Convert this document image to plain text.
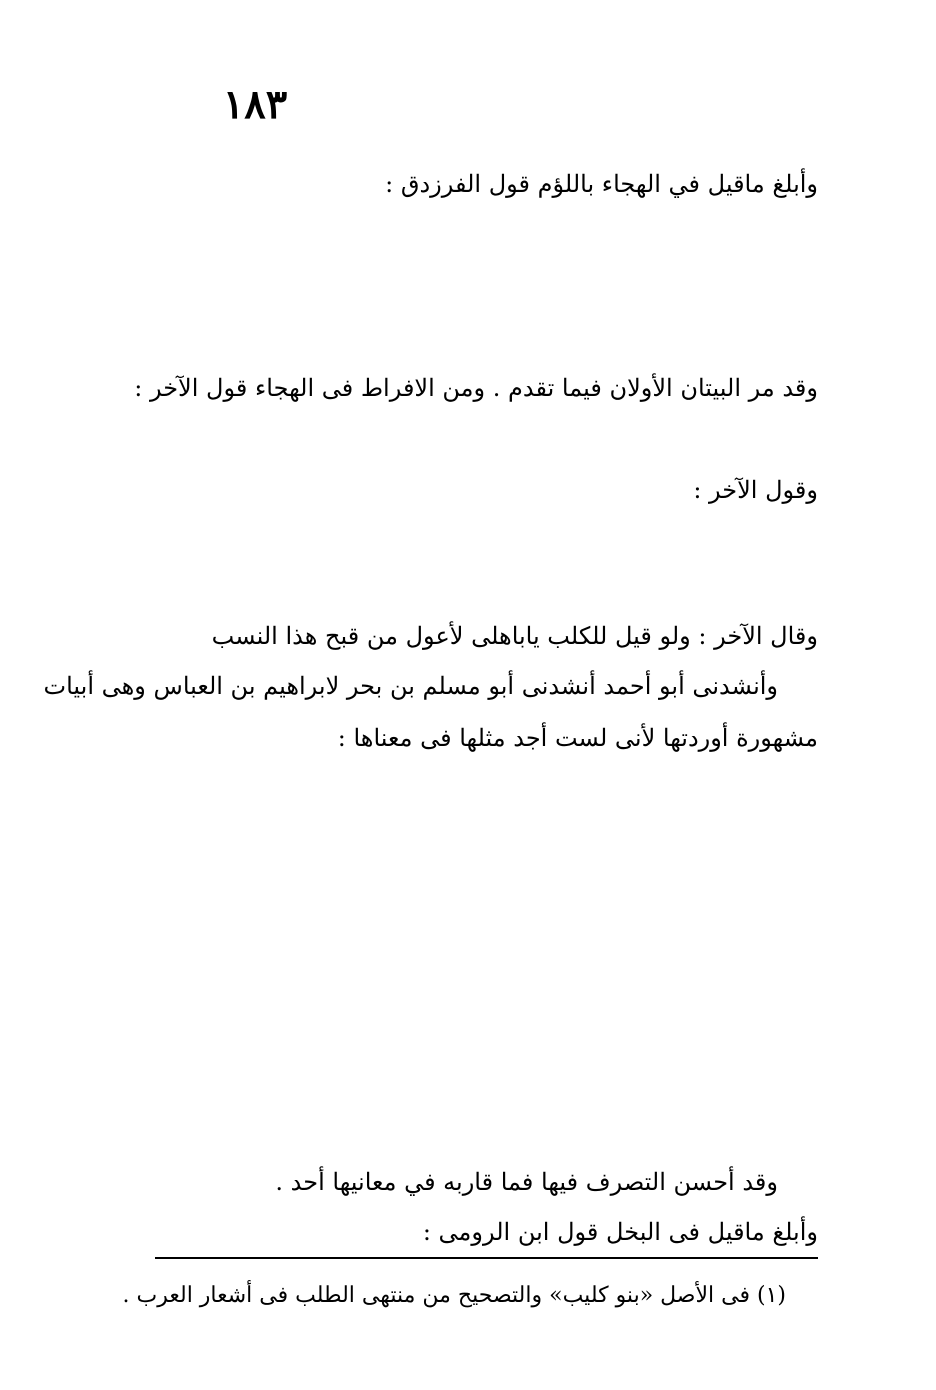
١٨٣
وأبلغ ماقيل في الهجاء باللؤم قول الفرزدق :
وقد مر البيتان الأولان فيما تقدم . ومن الافراط فى الهجاء قول الآخر :
وقول الآخر :
وقال الآخر : ولو قيل للكلب ياباهلى لأعول من قبح هذا النسب
وأنشدنى أبو أحمد أنشدنى أبو مسلم بن بحر لابراهيم بن العباس وهى أبيات
مشهورة أوردتها لأنى لست أجد مثلها فى معناها :
وقد أحسن التصرف فيها فما قاربه في معانيها أحد .
وأبلغ ماقيل فى البخل قول ابن الرومى :
(١) فى الأصل «بنو كليب» والتصحيح من منتهى الطلب فى أشعار العرب .
